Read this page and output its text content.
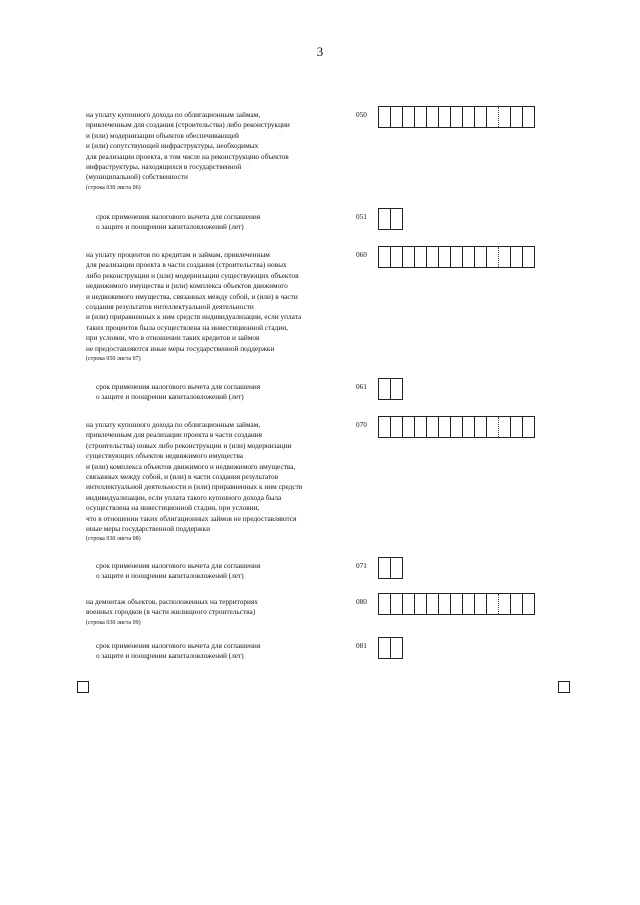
3
на уплату купонного дохода по облигационным займам,
привлеченным для создания (строительства) либо реконструкции
и (или) модернизации объектов обеспечивающей
и (или) сопутствующей инфраструктуры, необходимых
для реализации проекта, в том числе на реконструкцию объектов
инфраструктуры, находящихся в государственной
(муниципальной) собственности
(строка 030 листа 06)
050
срок применения налогового вычета для соглашения
о защите и поощрении капиталовложений (лет)
051
на уплату процентов по кредитам и займам, привлеченным
для реализации проекта в части создания (строительства) новых
либо реконструкции и (или) модернизации существующих объектов
недвижимого имущества и (или) комплекса объектов движимого
и недвижимого имущества, связанных между собой, и (или) в части
создания результатов интеллектуальной деятельности
и (или) приравненных к ним средств индивидуализации, если уплата
таких процентов была осуществлена на инвестиционной стадии,
при условии, что в отношении таких кредитов и займов
не предоставляются иные меры государственной поддержки
(строка 050 листа 07)
060
срок применения налогового вычета для соглашения
о защите и поощрении капиталовложений (лет)
061
на уплату купонного дохода по облигационным займам,
привлеченным для реализации проекта в части создания
(строительства) новых либо реконструкции и (или) модернизации
существующих объектов недвижимого имущества
и (или) комплекса объектов движимого и недвижимого имущества,
связанных между собой, и (или) в части создания результатов
интеллектуальной деятельности и (или) приравненных к ним средств
индивидуализации, если уплата такого купонного дохода была
осуществлена на инвестиционной стадии, при условии,
что в отношении таких облигационных займов не предоставляются
иные меры государственной поддержки
(строка 030 листа 08)
070
срок применения налогового вычета для соглашения
о защите и поощрении капиталовложений (лет)
071
на демонтаж объектов, расположенных на территориях
военных городков (в части жилищного строительства)
(строка 030 листа 09)
080
срок применения налогового вычета для соглашения
о защите и поощрении капиталовложений (лет)
081
